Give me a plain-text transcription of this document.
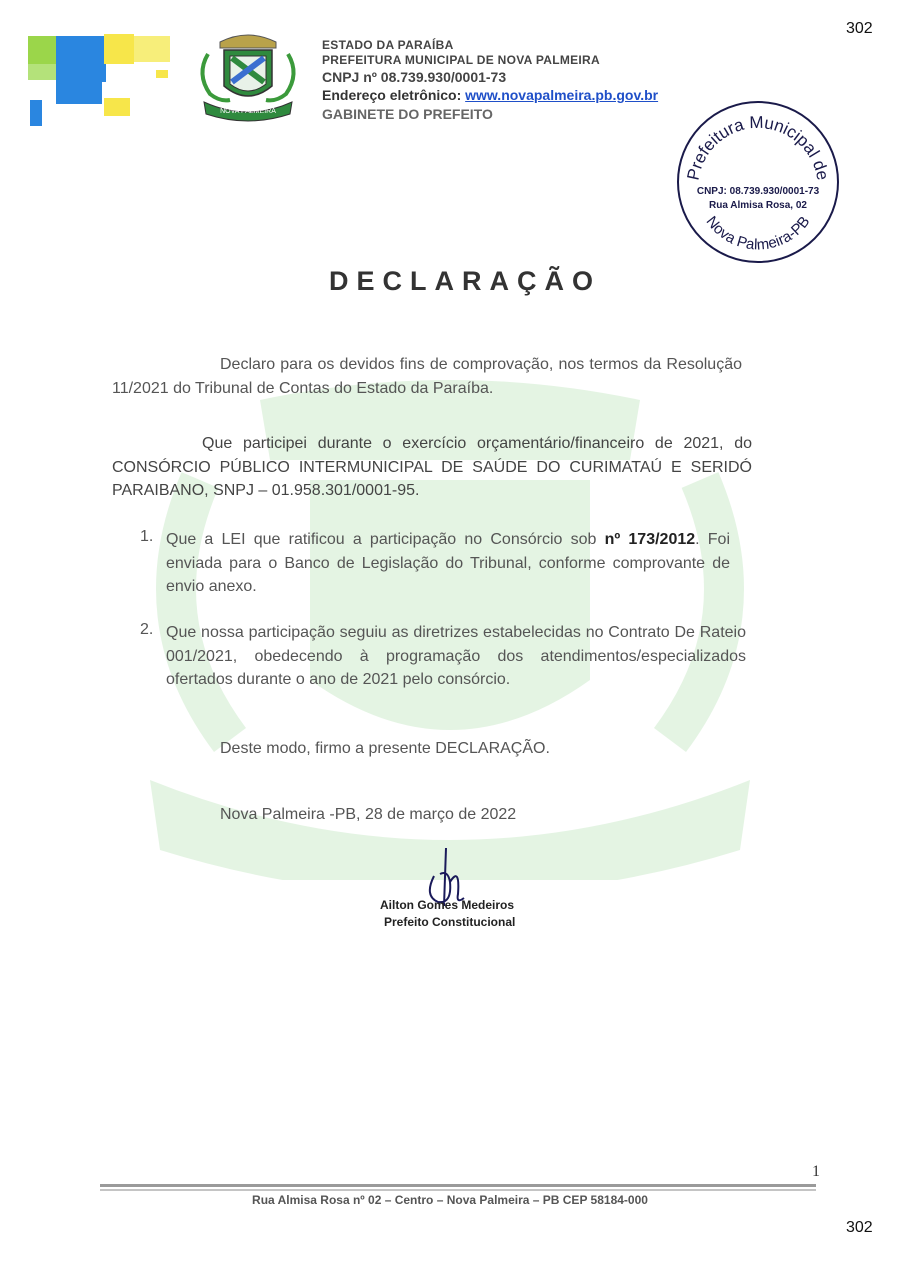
302
302
NOVA PALMEIRA
ESTADO DA PARAÍBA
PREFEITURA MUNICIPAL DE NOVA PALMEIRA
CNPJ nº 08.739.930/0001-73
Endereço eletrônico: www.novapalmeira.pb.gov.br
GABINETE DO PREFEITO
Prefeitura Municipal de
Nova Palmeira-PB
CNPJ: 08.739.930/0001-73
Rua Almisa Rosa, 02
DECLARAÇÃO
Declaro para os devidos fins de comprovação, nos termos da Resolução 11/2021 do Tribunal de Contas do Estado da Paraíba.
Que participei durante o exercício orçamentário/financeiro de 2021, do CONSÓRCIO PÚBLICO INTERMUNICIPAL DE SAÚDE DO CURIMATAÚ E SERIDÓ PARAIBANO, SNPJ – 01.958.301/0001-95.
1. Que a LEI que ratificou a participação no Consórcio sob nº 173/2012. Foi enviada para o Banco de Legislação do Tribunal, conforme comprovante de envio anexo.
2. Que nossa participação seguiu as diretrizes estabelecidas no Contrato De Rateio 001/2021, obedecendo à programação dos atendimentos/especializados ofertados durante o ano de 2021 pelo consórcio.
Deste modo, firmo a presente DECLARAÇÃO.
Nova Palmeira -PB, 28 de março de 2022
Ailton Gomes Medeiros
Prefeito Constitucional
1
Rua Almisa Rosa nº 02 – Centro – Nova Palmeira – PB CEP 58184-000
